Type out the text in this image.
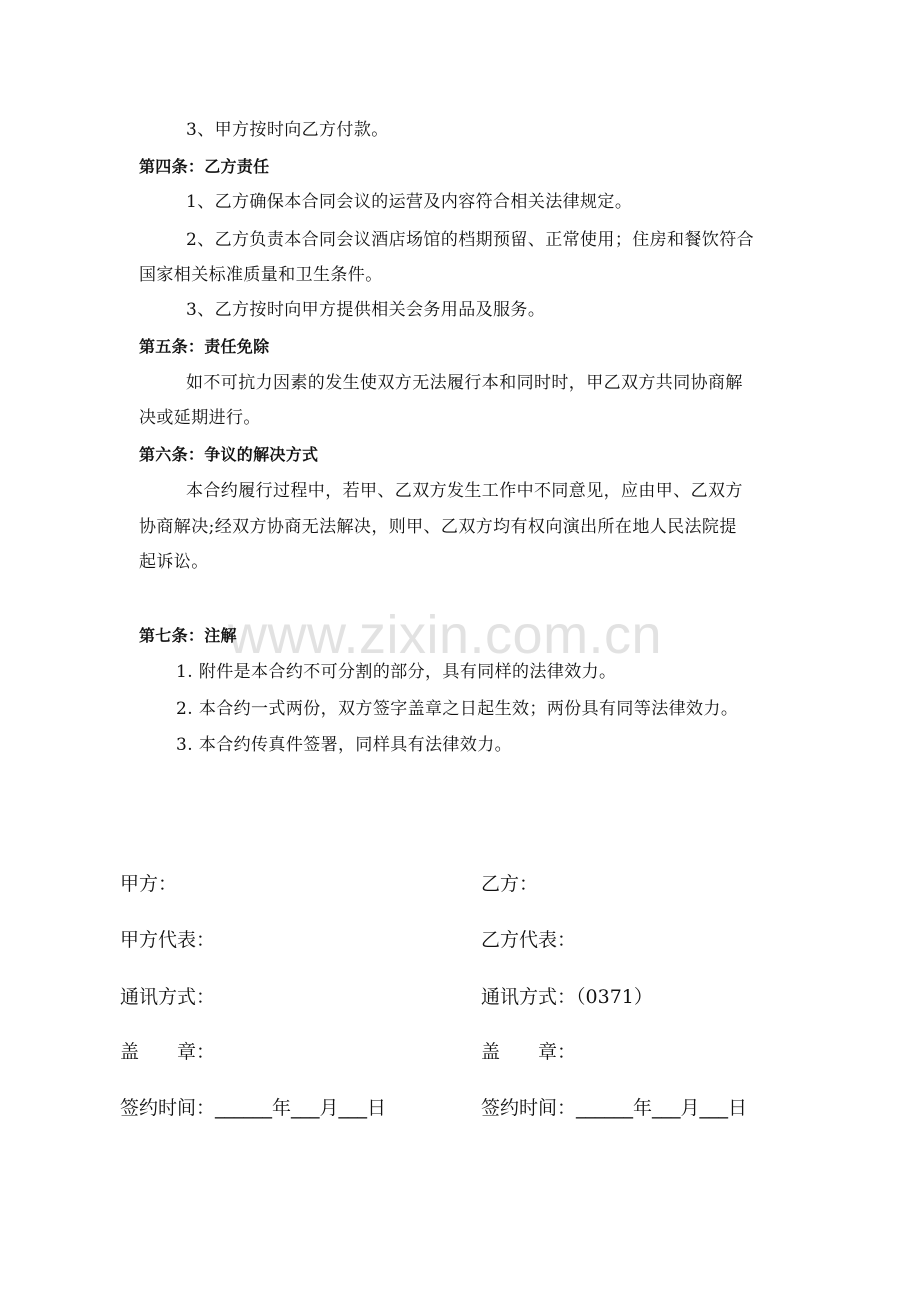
www.zixin.com.cn
3、甲方按时向乙方付款。
第四条：乙方责任
1、乙方确保本合同会议的运营及内容符合相关法律规定。
2、乙方负责本合同会议酒店场馆的档期预留、正常使用；住房和餐饮符合
国家相关标准质量和卫生条件。
3、乙方按时向甲方提供相关会务用品及服务。
第五条：责任免除
如不可抗力因素的发生使双方无法履行本和同时时，甲乙双方共同协商解
决或延期进行。
第六条：争议的解决方式
本合约履行过程中，若甲、乙双方发生工作中不同意见，应由甲、乙双方
协商解决;经双方协商无法解决，则甲、乙双方均有权向演出所在地人民法院提
起诉讼。
第七条：注解
1. 附件是本合约不可分割的部分，具有同样的法律效力。
2. 本合约一式两份，双方签字盖章之日起生效；两份具有同等法律效力。
3. 本合约传真件签署，同样具有法律效力。
甲方：
甲方代表：
通讯方式：
盖　　章：
签约时间：______年___月___日
乙方：
乙方代表：
通讯方式：（0371）
盖　　章：
签约时间：______年___月___日
